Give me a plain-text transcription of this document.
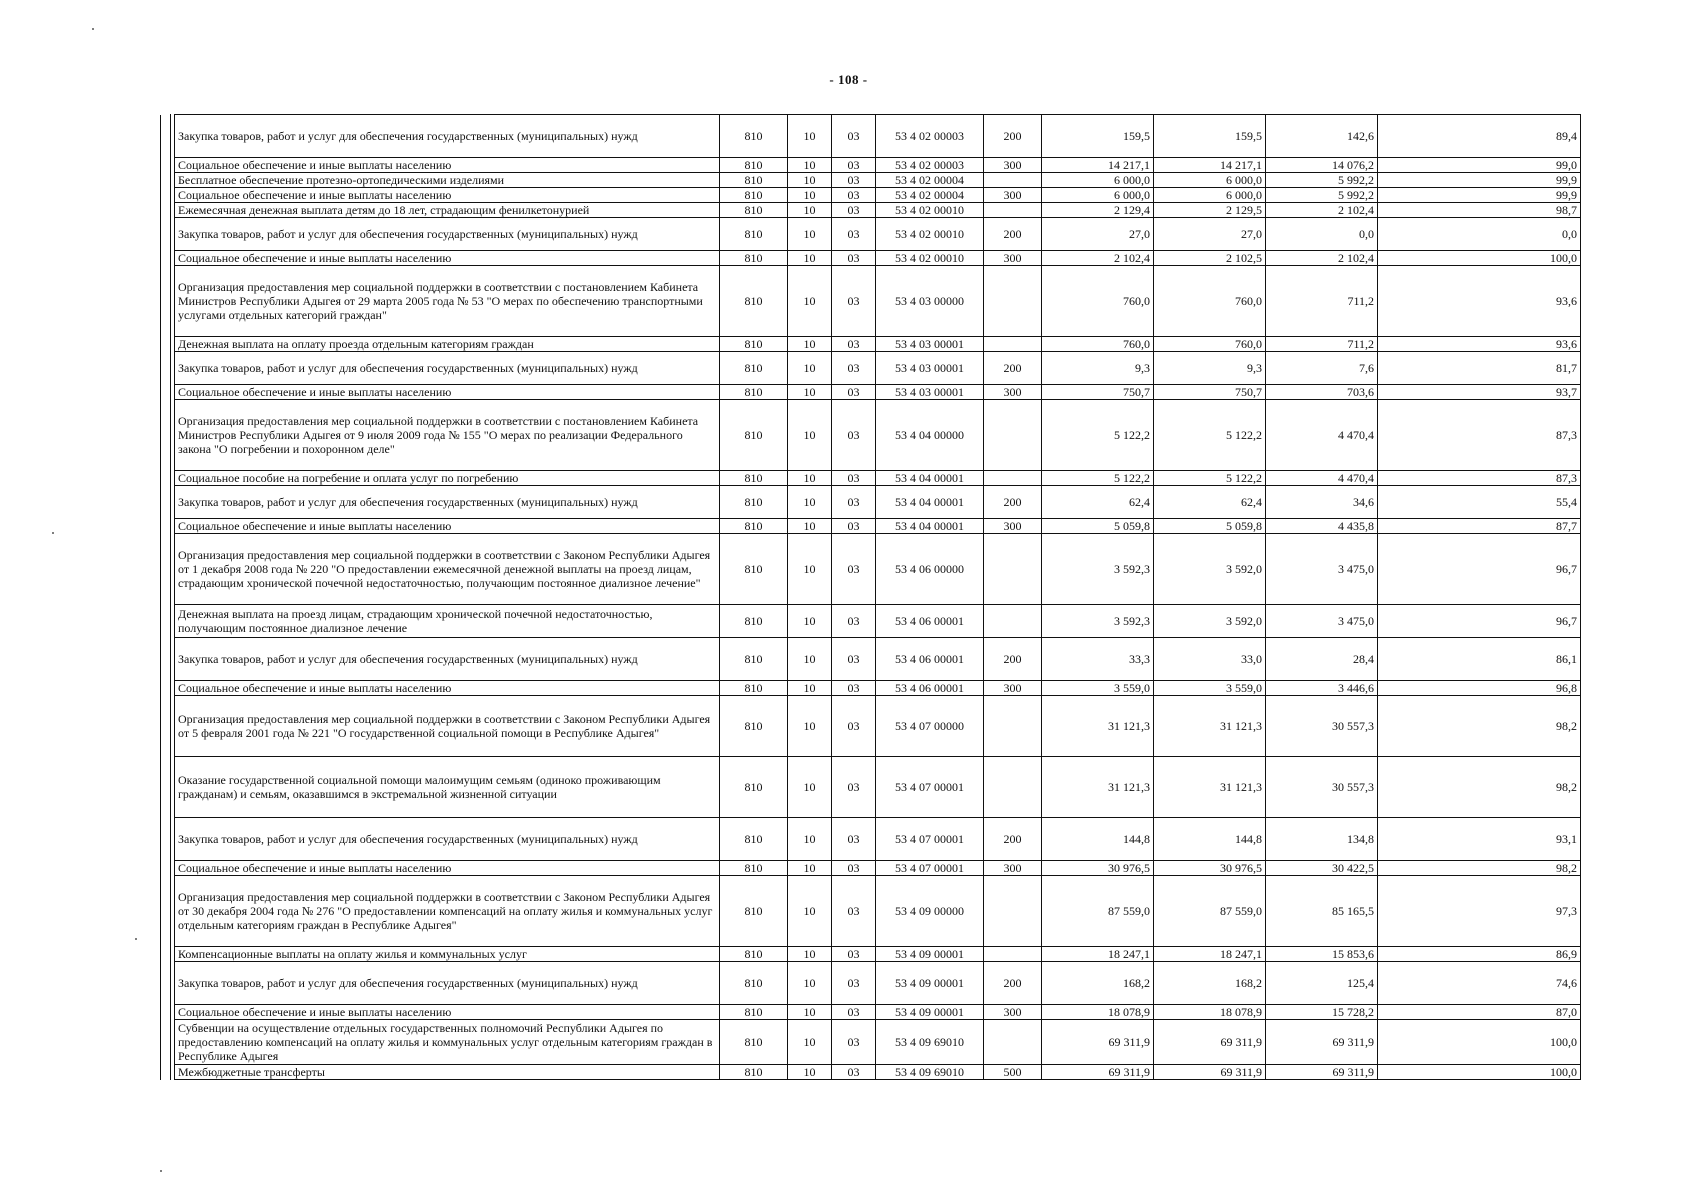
- 108 -
	Закупка товаров, работ и услуг для обеспечения государственных (муниципальных) нужд	810	10	03	53 4 02 00003	200	159,5	159,5	142,6	89,4
	Социальное обеспечение и иные выплаты населению	810	10	03	53 4 02 00003	300	14 217,1	14 217,1	14 076,2	99,0
	Бесплатное обеспечение протезно-ортопедическими изделиями	810	10	03	53 4 02 00004		6 000,0	6 000,0	5 992,2	99,9
	Социальное обеспечение и иные выплаты населению	810	10	03	53 4 02 00004	300	6 000,0	6 000,0	5 992,2	99,9
	Ежемесячная денежная выплата детям до 18 лет, страдающим фенилкетонурией	810	10	03	53 4 02 00010		2 129,4	2 129,5	2 102,4	98,7
	Закупка товаров, работ и услуг для обеспечения государственных (муниципальных) нужд	810	10	03	53 4 02 00010	200	27,0	27,0	0,0	0,0
	Социальное обеспечение и иные выплаты населению	810	10	03	53 4 02 00010	300	2 102,4	2 102,5	2 102,4	100,0
	Организация предоставления мер социальной поддержки в соответствии с постановлением Кабинета Министров Республики Адыгея от 29 марта 2005 года № 53 "О мерах по обеспечению транспортными услугами отдельных категорий граждан"	810	10	03	53 4 03 00000		760,0	760,0	711,2	93,6
	Денежная выплата на оплату проезда отдельным категориям граждан	810	10	03	53 4 03 00001		760,0	760,0	711,2	93,6
	Закупка товаров, работ и услуг для обеспечения государственных (муниципальных) нужд	810	10	03	53 4 03 00001	200	9,3	9,3	7,6	81,7
	Социальное обеспечение и иные выплаты населению	810	10	03	53 4 03 00001	300	750,7	750,7	703,6	93,7
	Организация предоставления мер социальной поддержки в соответствии с постановлением Кабинета Министров Республики Адыгея от 9 июля 2009 года № 155 "О мерах по реализации Федерального закона "О погребении и похоронном деле"	810	10	03	53 4 04 00000		5 122,2	5 122,2	4 470,4	87,3
	Социальное пособие на погребение и оплата услуг по погребению	810	10	03	53 4 04 00001		5 122,2	5 122,2	4 470,4	87,3
	Закупка товаров, работ и услуг для обеспечения государственных (муниципальных) нужд	810	10	03	53 4 04 00001	200	62,4	62,4	34,6	55,4
	Социальное обеспечение и иные выплаты населению	810	10	03	53 4 04 00001	300	5 059,8	5 059,8	4 435,8	87,7
	Организация предоставления мер социальной поддержки в соответствии с Законом Республики Адыгея от 1 декабря 2008 года № 220 "О предоставлении ежемесячной денежной выплаты на проезд лицам, страдающим хронической почечной недостаточностью, получающим постоянное диализное лечение"	810	10	03	53 4 06 00000		3 592,3	3 592,0	3 475,0	96,7
	Денежная выплата на проезд лицам, страдающим хронической почечной недостаточностью, получающим постоянное диализное лечение	810	10	03	53 4 06 00001		3 592,3	3 592,0	3 475,0	96,7
	Закупка товаров, работ и услуг для обеспечения государственных (муниципальных) нужд	810	10	03	53 4 06 00001	200	33,3	33,0	28,4	86,1
	Социальное обеспечение и иные выплаты населению	810	10	03	53 4 06 00001	300	3 559,0	3 559,0	3 446,6	96,8
	Организация предоставления мер социальной поддержки в соответствии с Законом Республики Адыгея от 5 февраля 2001 года № 221 "О государственной социальной помощи в Республике Адыгея"	810	10	03	53 4 07 00000		31 121,3	31 121,3	30 557,3	98,2
	Оказание государственной социальной помощи малоимущим семьям (одиноко проживающим гражданам) и семьям, оказавшимся в экстремальной жизненной ситуации	810	10	03	53 4 07 00001		31 121,3	31 121,3	30 557,3	98,2
	Закупка товаров, работ и услуг для обеспечения государственных (муниципальных) нужд	810	10	03	53 4 07 00001	200	144,8	144,8	134,8	93,1
	Социальное обеспечение и иные выплаты населению	810	10	03	53 4 07 00001	300	30 976,5	30 976,5	30 422,5	98,2
	Организация предоставления мер социальной поддержки в соответствии с Законом Республики Адыгея от 30 декабря 2004 года № 276 "О предоставлении компенсаций на оплату жилья и коммунальных услуг отдельным категориям граждан в Республике Адыгея"	810	10	03	53 4 09 00000		87 559,0	87 559,0	85 165,5	97,3
	Компенсационные выплаты на оплату жилья и коммунальных услуг	810	10	03	53 4 09 00001		18 247,1	18 247,1	15 853,6	86,9
	Закупка товаров, работ и услуг для обеспечения государственных (муниципальных) нужд	810	10	03	53 4 09 00001	200	168,2	168,2	125,4	74,6
	Социальное обеспечение и иные выплаты населению	810	10	03	53 4 09 00001	300	18 078,9	18 078,9	15 728,2	87,0
	Субвенции на осуществление отдельных государственных полномочий Республики Адыгея по предоставлению компенсаций на оплату жилья и коммунальных услуг отдельным категориям граждан в Республике Адыгея	810	10	03	53 4 09 69010		69 311,9	69 311,9	69 311,9	100,0
	Межбюджетные трансферты	810	10	03	53 4 09 69010	500	69 311,9	69 311,9	69 311,9	100,0
